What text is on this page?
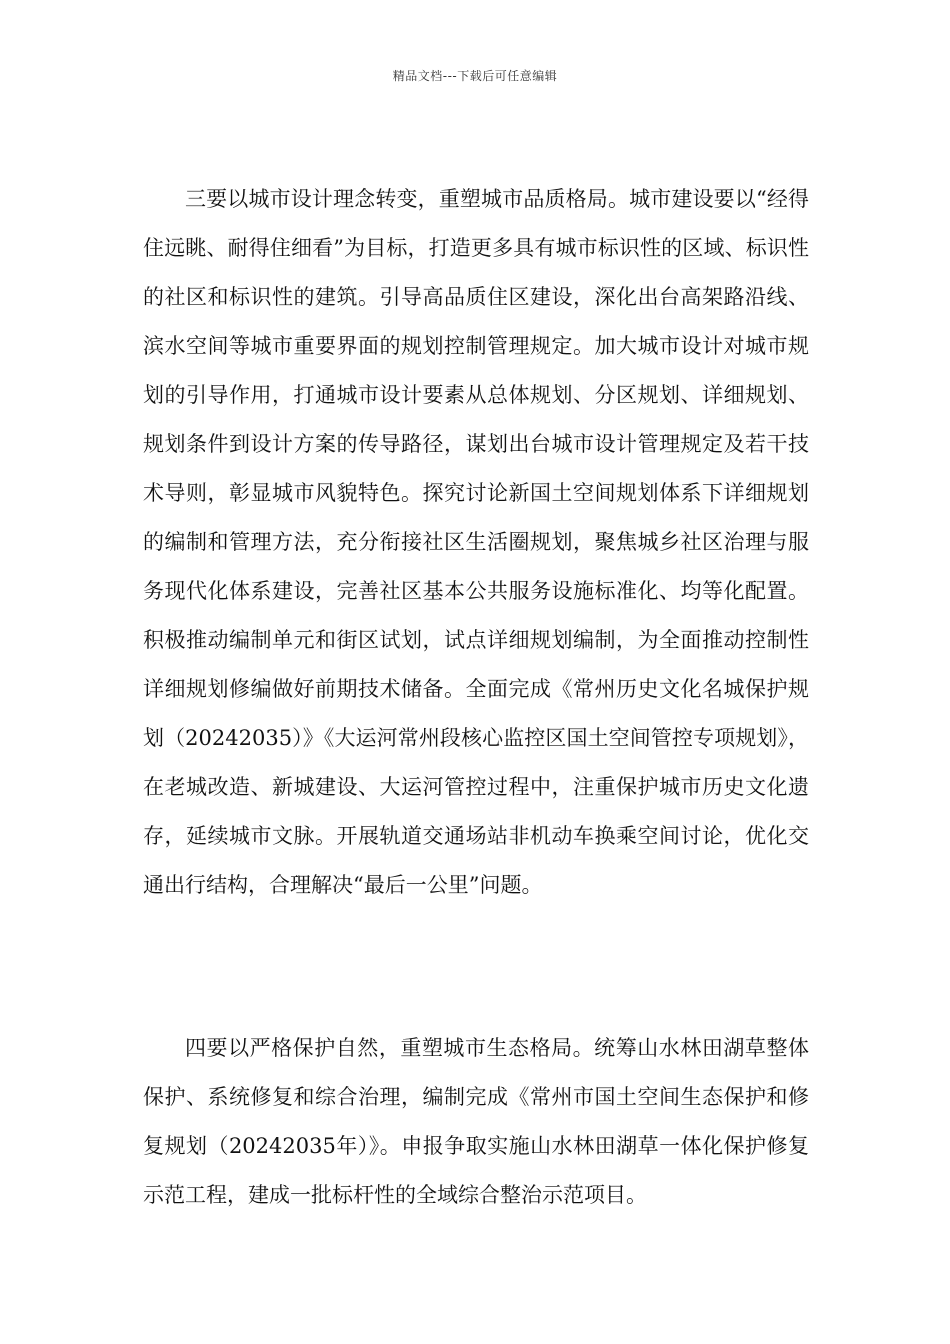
精品文档---下载后可任意编辑

三要以城市设计理念转变，重塑城市品质格局。城市建设要以“经得住远眺、耐得住细看”为目标，打造更多具有城市标识性的区域、标识性的社区和标识性的建筑。引导高品质住区建设，深化出台高架路沿线、滨水空间等城市重要界面的规划控制管理规定。加大城市设计对城市规划的引导作用，打通城市设计要素从总体规划、分区规划、详细规划、规划条件到设计方案的传导路径，谋划出台城市设计管理规定及若干技术导则，彰显城市风貌特色。探究讨论新国土空间规划体系下详细规划的编制和管理方法，充分衔接社区生活圈规划，聚焦城乡社区治理与服务现代化体系建设，完善社区基本公共服务设施标准化、均等化配置。积极推动编制单元和街区试划，试点详细规划编制，为全面推动控制性详细规划修编做好前期技术储备。全面完成《常州历史文化名城保护规划（20242035）》《大运河常州段核心监控区国土空间管控专项规划》，在老城改造、新城建设、大运河管控过程中，注重保护城市历史文化遗存，延续城市文脉。开展轨道交通场站非机动车换乘空间讨论，优化交通出行结构，合理解决“最后一公里”问题。

四要以严格保护自然，重塑城市生态格局。统筹山水林田湖草整体保护、系统修复和综合治理，编制完成《常州市国土空间生态保护和修复规划（20242035年）》。申报争取实施山水林田湖草一体化保护修复示范工程，建成一批标杆性的全域综合整治示范项目。
